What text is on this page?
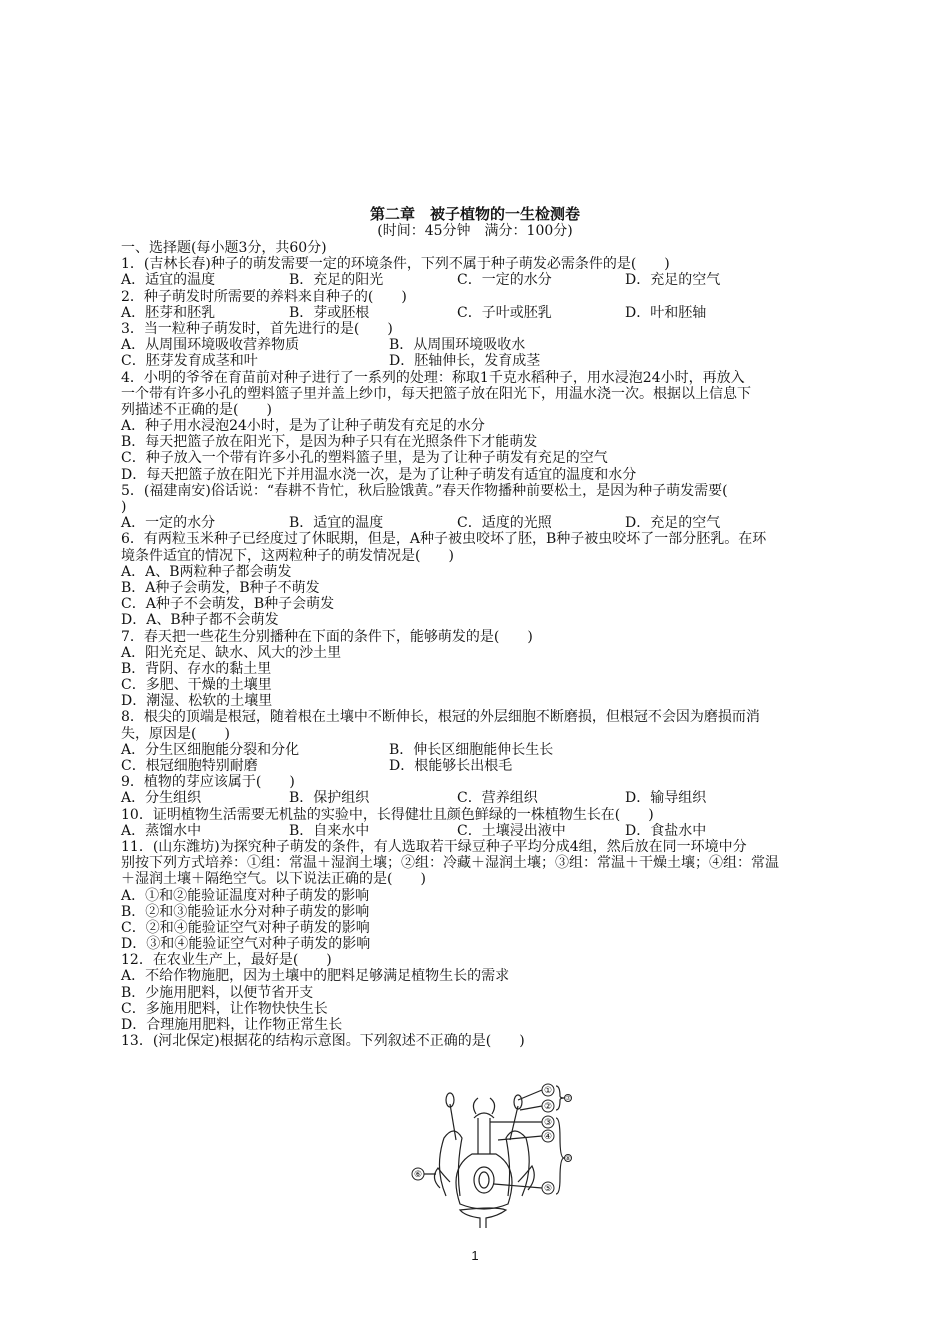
第二章　被子植物的一生检测卷
(时间：45分钟　满分：100分)
一、选择题(每小题3分，共60分)
1．(吉林长春)种子的萌发需要一定的环境条件，下列不属于种子萌发必需条件的是(　　)
A．适宜的温度	B．充足的阳光	C．一定的水分	D．充足的空气
2．种子萌发时所需要的养料来自种子的(　　)
A．胚芽和胚乳	B．芽或胚根	C．子叶或胚乳	D．叶和胚轴
3．当一粒种子萌发时，首先进行的是(　　)
A．从周围环境吸收营养物质	B．从周围环境吸收水
C．胚芽发育成茎和叶	D．胚轴伸长，发育成茎
4．小明的爷爷在育苗前对种子进行了一系列的处理：称取1千克水稻种子，用水浸泡24小时，再放入
一个带有许多小孔的塑料篮子里并盖上纱巾，每天把篮子放在阳光下，用温水浇一次。根据以上信息下
列描述不正确的是(　　)
A．种子用水浸泡24小时，是为了让种子萌发有充足的水分
B．每天把篮子放在阳光下，是因为种子只有在光照条件下才能萌发
C．种子放入一个带有许多小孔的塑料篮子里，是为了让种子萌发有充足的空气
D．每天把篮子放在阳光下并用温水浇一次，是为了让种子萌发有适宜的温度和水分
5．(福建南安)俗话说：“春耕不肯忙，秋后脸饿黄。”春天作物播种前要松土，是因为种子萌发需要(
)
A．一定的水分	B．适宜的温度	C．适度的光照	D．充足的空气
6．有两粒玉米种子已经度过了休眠期，但是，A种子被虫咬坏了胚，B种子被虫咬坏了一部分胚乳。在环
境条件适宜的情况下，这两粒种子的萌发情况是(　　)
A．A、B两粒种子都会萌发
B．A种子会萌发，B种子不萌发
C．A种子不会萌发，B种子会萌发
D．A、B种子都不会萌发
7．春天把一些花生分别播种在下面的条件下，能够萌发的是(　　)
A．阳光充足、缺水、风大的沙土里
B．背阴、存水的黏土里
C．多肥、干燥的土壤里
D．潮湿、松软的土壤里
8．根尖的顶端是根冠，随着根在土壤中不断伸长，根冠的外层细胞不断磨损，但根冠不会因为磨损而消
失，原因是(　　)
A．分生区细胞能分裂和分化	B．伸长区细胞能伸长生长
C．根冠细胞特别耐磨	D．根能够长出根毛
9．植物的芽应该属于(　　)
A．分生组织	B．保护组织	C．营养组织	D．输导组织
10．证明植物生活需要无机盐的实验中，长得健壮且颜色鲜绿的一株植物生长在(　　)
A．蒸馏水中	B．自来水中	C．土壤浸出液中	D．食盐水中
11．(山东潍坊)为探究种子萌发的条件，有人选取若干绿豆种子平均分成4组，然后放在同一环境中分
别按下列方式培养：①组：常温＋湿润土壤；②组：冷藏＋湿润土壤；③组：常温＋干燥土壤；④组：常温
＋湿润土壤＋隔绝空气。以下说法正确的是(　　)
A．①和②能验证温度对种子萌发的影响
B．②和③能验证水分对种子萌发的影响
C．②和④能验证空气对种子萌发的影响
D．③和④能验证空气对种子萌发的影响
12．在农业生产上，最好是(　　)
A．不给作物施肥，因为土壤中的肥料足够满足植物生长的需求
B．少施用肥料，以便节省开支
C．多施用肥料，让作物快快生长
D．合理施用肥料，让作物正常生长
13．(河北保定)根据花的结构示意图。下列叙述不正确的是(　　)
①
②
③
④
⑤
⑥
⑦
⑧
1
